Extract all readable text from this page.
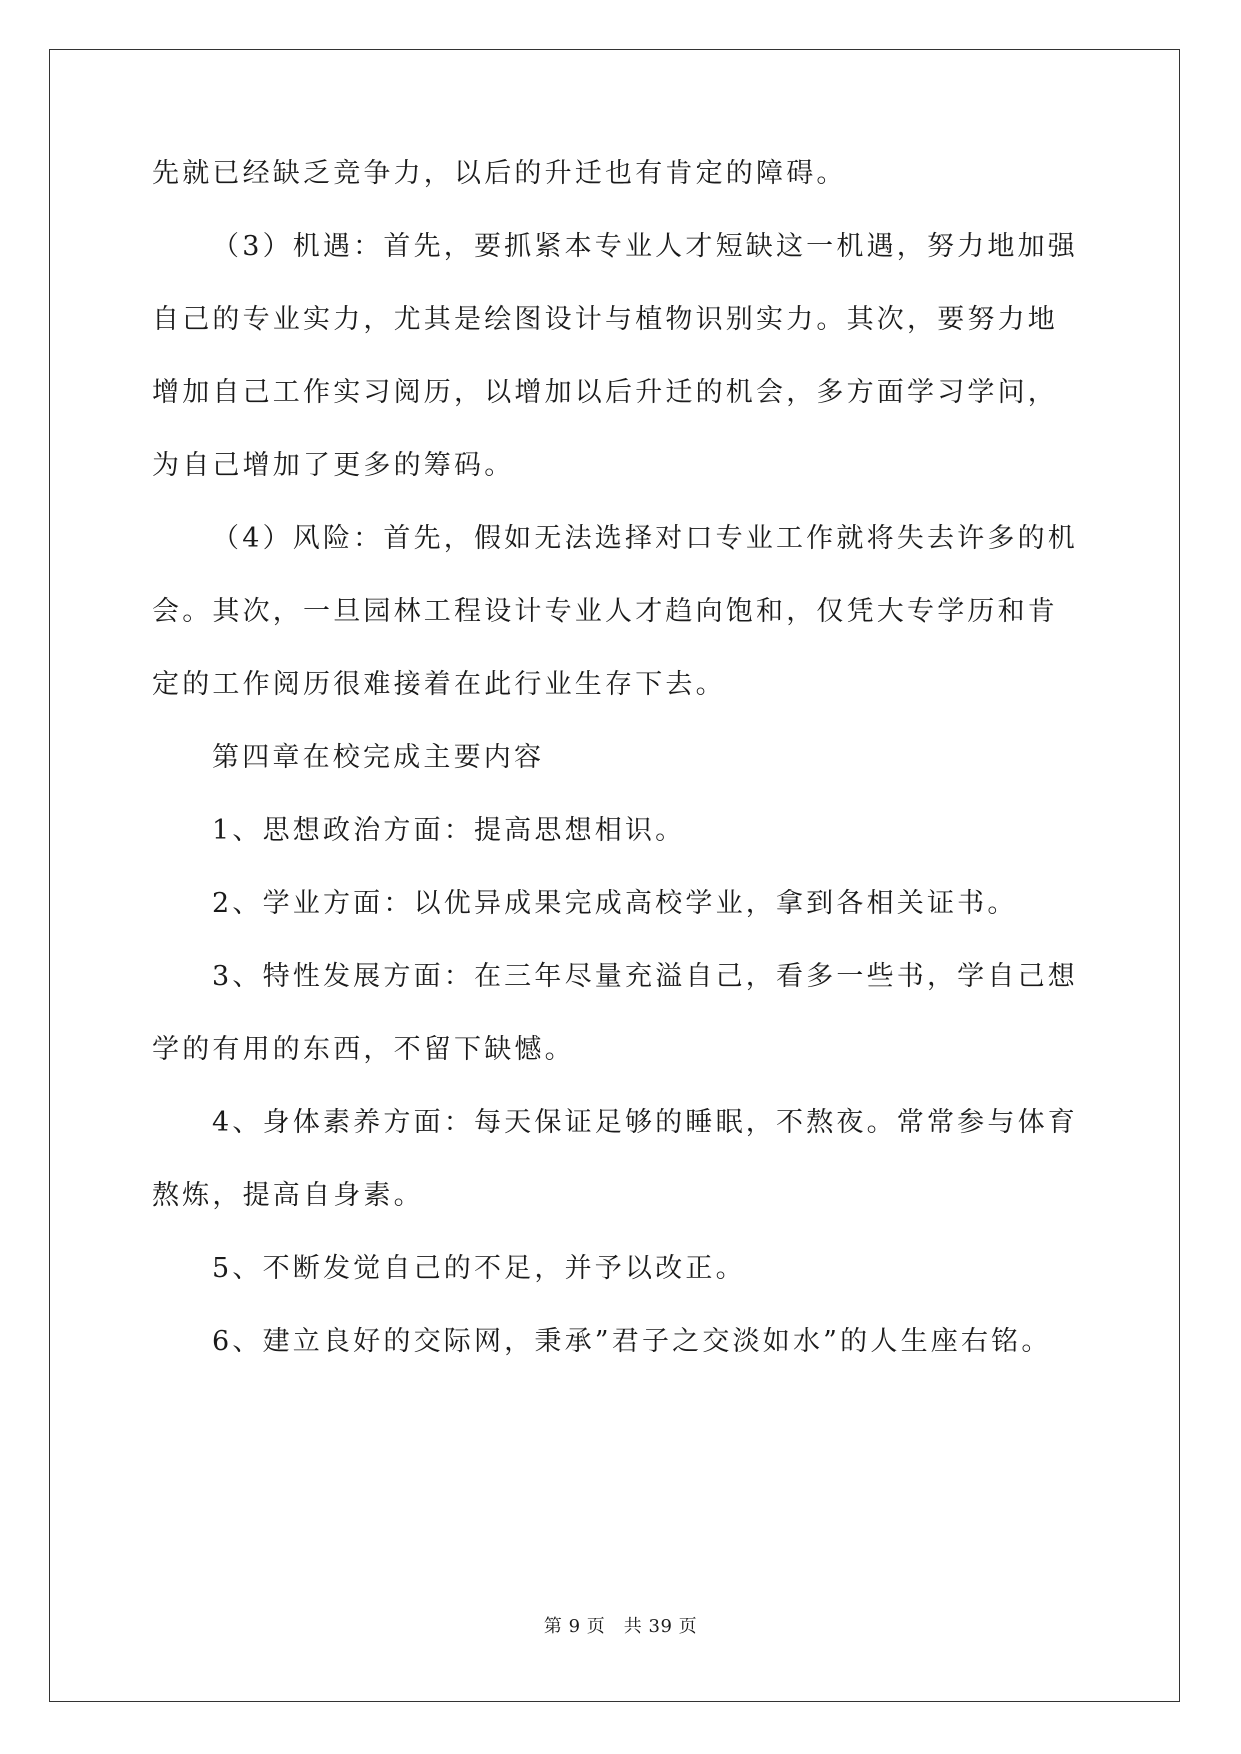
先就已经缺乏竞争力，以后的升迁也有肯定的障碍。
（3）机遇：首先，要抓紧本专业人才短缺这一机遇，努力地加强
自己的专业实力，尤其是绘图设计与植物识别实力。其次，要努力地
增加自己工作实习阅历，以增加以后升迁的机会，多方面学习学问，
为自己增加了更多的筹码。
（4）风险：首先，假如无法选择对口专业工作就将失去许多的机
会。其次，一旦园林工程设计专业人才趋向饱和，仅凭大专学历和肯
定的工作阅历很难接着在此行业生存下去。
第四章在校完成主要内容
1、思想政治方面：提高思想相识。
2、学业方面：以优异成果完成高校学业，拿到各相关证书。
3、特性发展方面：在三年尽量充溢自己，看多一些书，学自己想
学的有用的东西，不留下缺憾。
4、身体素养方面：每天保证足够的睡眠，不熬夜。常常参与体育
熬炼，提高自身素。
5、不断发觉自己的不足，并予以改正。
6、建立良好的交际网，秉承”君子之交淡如水”的人生座右铭。
第 9 页　共 39 页
